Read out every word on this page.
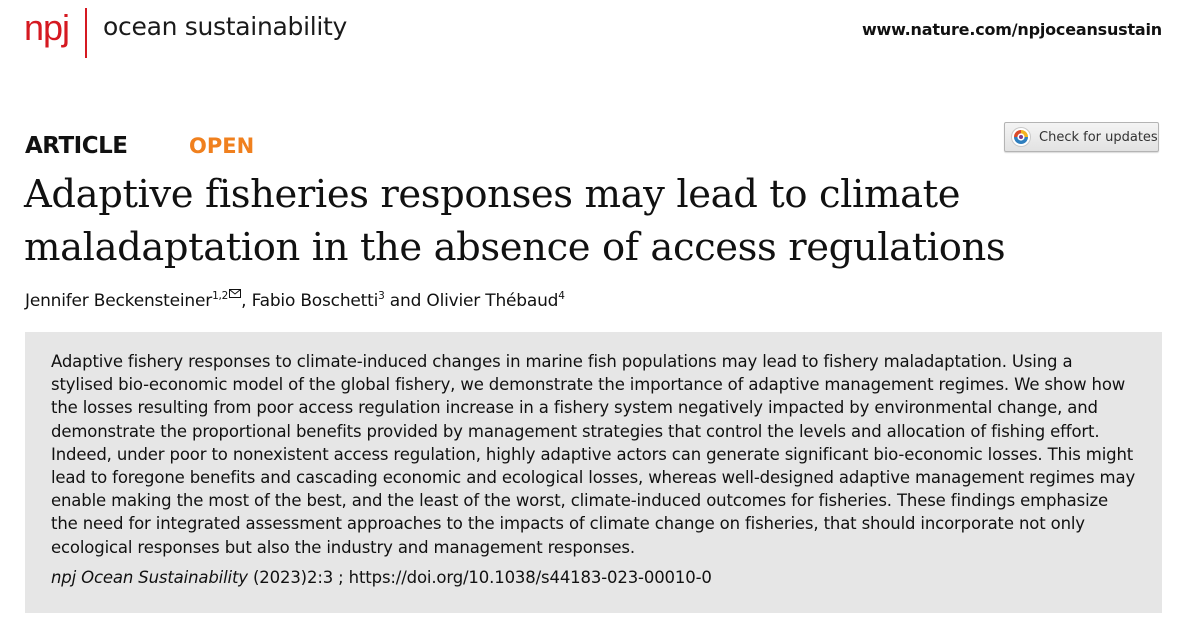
npj ocean sustainability	www.nature.com/npjoceansustain
ARTICLE	OPEN	Check for updates
Adaptive fisheries responses may lead to climate maladaptation in the absence of access regulations
Jennifer Beckensteiner$^{1,2}$ , Fabio Boschetti$^3$ and Olivier Thébaud$^4$

Adaptive fishery responses to climate-induced changes in marine fish populations may lead to fishery maladaptation. Using a stylised bio-economic model of the global fishery, we demonstrate the importance of adaptive management regimes. We show how the losses resulting from poor access regulation increase in a fishery system negatively impacted by environmental change, and demonstrate the proportional benefits provided by management strategies that control the levels and allocation of fishing effort. Indeed, under poor to nonexistent access regulation, highly adaptive actors can generate significant bio-economic losses. This might lead to foregone benefits and cascading economic and ecological losses, whereas well-designed adaptive management regimes may enable making the most of the best, and the least of the worst, climate-induced outcomes for fisheries. These findings emphasize the need for integrated assessment approaches to the impacts of climate change on fisheries, that should incorporate not only ecological responses but also the industry and management responses.

npj Ocean Sustainability (2023)2:3 ; https://doi.org/10.1038/s44183-023-00010-0
